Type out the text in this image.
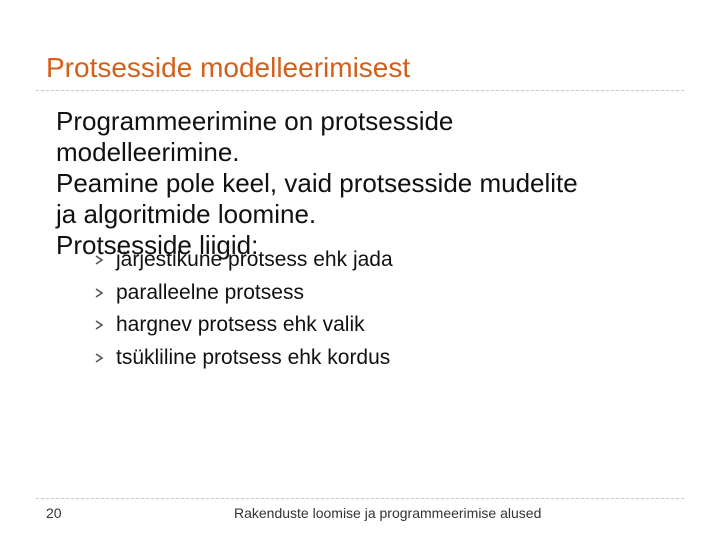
Protsesside modelleerimisest
Programmeerimine on protsesside
modelleerimine.
Peamine pole keel, vaid protsesside mudelite
ja algoritmide loomine.
Protsesside liigid:
järjestikune protsess ehk jada
paralleelne protsess
hargnev protsess ehk valik
tsükliline protsess ehk kordus
20	Rakenduste loomise ja programmeerimise alused
